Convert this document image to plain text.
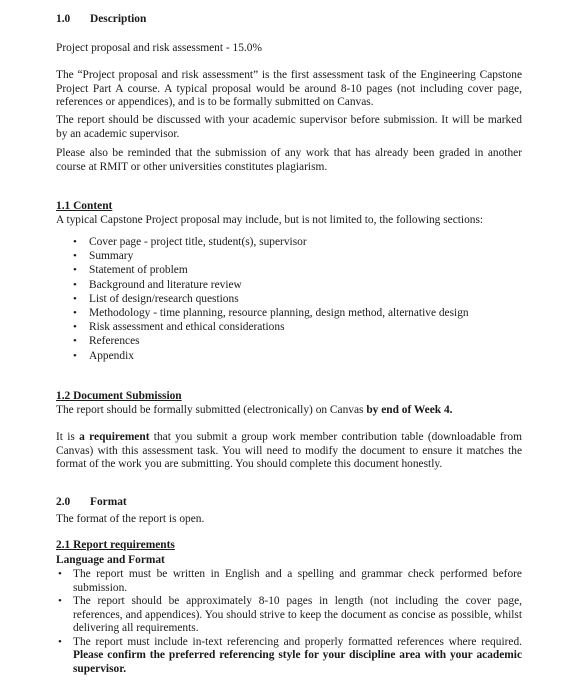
1.0 Description
Project proposal and risk assessment - 15.0%
The “Project proposal and risk assessment” is the first assessment task of the Engineering Capstone Project Part A course. A typical proposal would be around 8-10 pages (not including cover page, references or appendices), and is to be formally submitted on Canvas.
The report should be discussed with your academic supervisor before submission. It will be marked by an academic supervisor.
Please also be reminded that the submission of any work that has already been graded in another course at RMIT or other universities constitutes plagiarism.
1.1 Content
A typical Capstone Project proposal may include, but is not limited to, the following sections:
• Cover page - project title, student(s), supervisor
• Summary
• Statement of problem
• Background and literature review
• List of design/research questions
• Methodology - time planning, resource planning, design method, alternative design
• Risk assessment and ethical considerations
• References
• Appendix
1.2 Document Submission
The report should be formally submitted (electronically) on Canvas by end of Week 4.
It is a requirement that you submit a group work member contribution table (downloadable from Canvas) with this assessment task. You will need to modify the document to ensure it matches the format of the work you are submitting. You should complete this document honestly.
2.0 Format
The format of the report is open.
2.1 Report requirements
Language and Format
• The report must be written in English and a spelling and grammar check performed before submission.
• The report should be approximately 8-10 pages in length (not including the cover page, references, and appendices). You should strive to keep the document as concise as possible, whilst delivering all requirements.
• The report must include in-text referencing and properly formatted references where required. Please confirm the preferred referencing style for your discipline area with your academic supervisor.
